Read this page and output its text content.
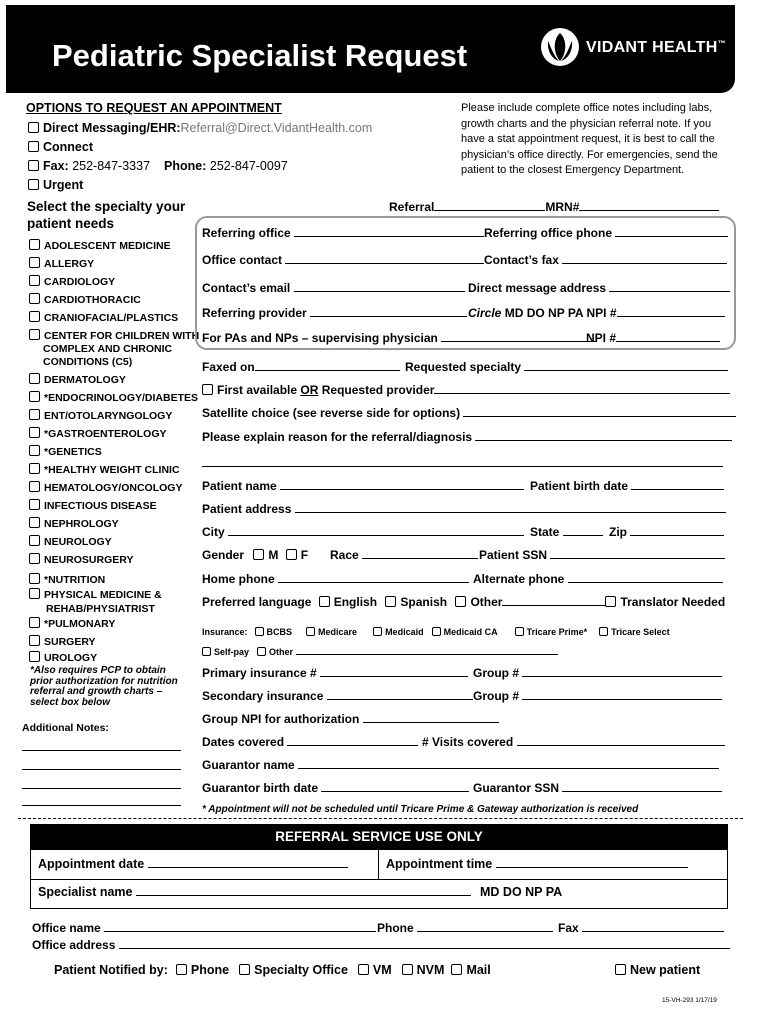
Pediatric Specialist Request	VIDANT HEALTH™
OPTIONS TO REQUEST AN APPOINTMENT
Direct Messaging/EHR:Referral@Direct.VidantHealth.com
Connect
Fax: 252-847-3337 Phone: 252-847-0097
Urgent
Please include complete office notes including labs,
growth charts and the physician referral note. If you
have a stat appointment request, it is best to call the
physician’s office directly. For emergencies, send the
patient to the closest Emergency Department.
Select the specialty your
patient needs
ADOLESCENT MEDICINE
ALLERGY
CARDIOLOGY
CARDIOTHORACIC
CRANIOFACIAL/PLASTICS
CENTER FOR CHILDREN WITH
COMPLEX AND CHRONIC
CONDITIONS (C5)
DERMATOLOGY
*ENDOCRINOLOGY/DIABETES
ENT/OTOLARYNGOLOGY
*GASTROENTEROLOGY
*GENETICS
*HEALTHY WEIGHT CLINIC
HEMATOLOGY/ONCOLOGY
INFECTIOUS DISEASE
NEPHROLOGY
NEUROLOGY
NEUROSURGERY
*NUTRITION
PHYSICAL MEDICINE &
REHAB/PHYSIATRIST
*PULMONARY
SURGERY
UROLOGY
*Also requires PCP to obtain
prior authorization for nutrition
referral and growth charts –
select box below
Additional Notes:
Referral	MRN#
Referring office	Referring office phone
Office contact	Contact’s fax
Contact’s email	Direct message address
Referring provider	Circle MD DO NP PA NPI #
For PAs and NPs – supervising physician	NPI #
Faxed on	Requested specialty
First available OR Requested provider
Satellite choice (see reverse side for options)
Please explain reason for the referral/diagnosis
Patient name	Patient birth date
Patient address
City	State	Zip
Gender M F Race	Patient SSN
Home phone	Alternate phone
Preferred language English Spanish Other	Translator Needed
Insurance: BCBS	Medicare	Medicaid Medicaid CA	Tricare Prime*	Tricare Select
Self-pay Other
Primary insurance #	Group #
Secondary insurance	Group #
Group NPI for authorization
Dates covered	# Visits covered
Guarantor name
Guarantor birth date	Guarantor SSN
* Appointment will not be scheduled until Tricare Prime & Gateway authorization is received
REFERRAL SERVICE USE ONLY
Appointment date	Appointment time
Specialist name	MD DO NP PA
Office name	Phone	Fax
Office address
Patient Notified by: Phone Specialty Office VM NVM Mail	New patient
15-VH-293 1/17/19
